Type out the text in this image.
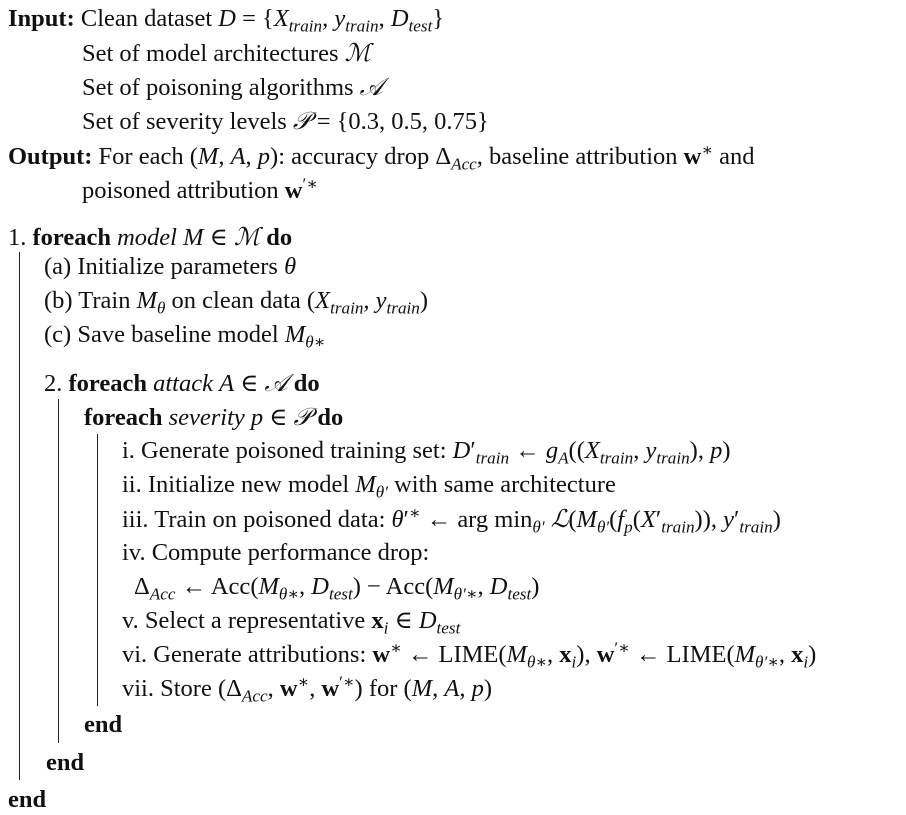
Input: Clean dataset $D = \{X_{train}$, $y_{train}$, $D_{test}$}
Set of model architectures ℳ
Set of poisoning algorithms 𝒜
Set of severity levels 𝒫 = {0.3, 0.5, 0.75}
Output: For each (M, A, p): accuracy drop $\Delta_{Acc}$, baseline attribution w∗ and
poisoned attribution w′∗
1. foreach model M ∈ ℳ do
(a) Initialize parameters θ
(b) Train $M_\theta$ on clean data ($X_{train}$, $y_{train}$)
(c) Save baseline model $M_{\theta∗}$
2. foreach attack A ∈ 𝒜 do
foreach severity p ∈ 𝒫 do
i. Generate poisoned training set: $D'_{train}$ ← $g_A((X_{train}$, $y_{train}$), p)
ii. Initialize new model $M_{\theta'}$ with same architecture
iii. Train on poisoned data: θ′∗ ← arg $\min_{\theta'}$ $ℒ(M_{\theta'}(f_p(X'_{train}))$, $y'_{train}$)
iv. Compute performance drop:
$\Delta_{Acc}$ ← $Acc(M_{\theta∗}$, $D_{test}) - Acc(M_{\theta'∗}$, $D_{test}$)
v. Select a representative $x_i$ ∈ $D_{test}$
vi. Generate attributions: w∗ ← $LIME(M_{\theta∗}$, $x_i$), w′∗ ← $LIME(M_{\theta'∗}$, $x_i$)
vii. Store ($\Delta_{Acc}$, w∗, w′∗) for (M, A, p)
end
end
end
